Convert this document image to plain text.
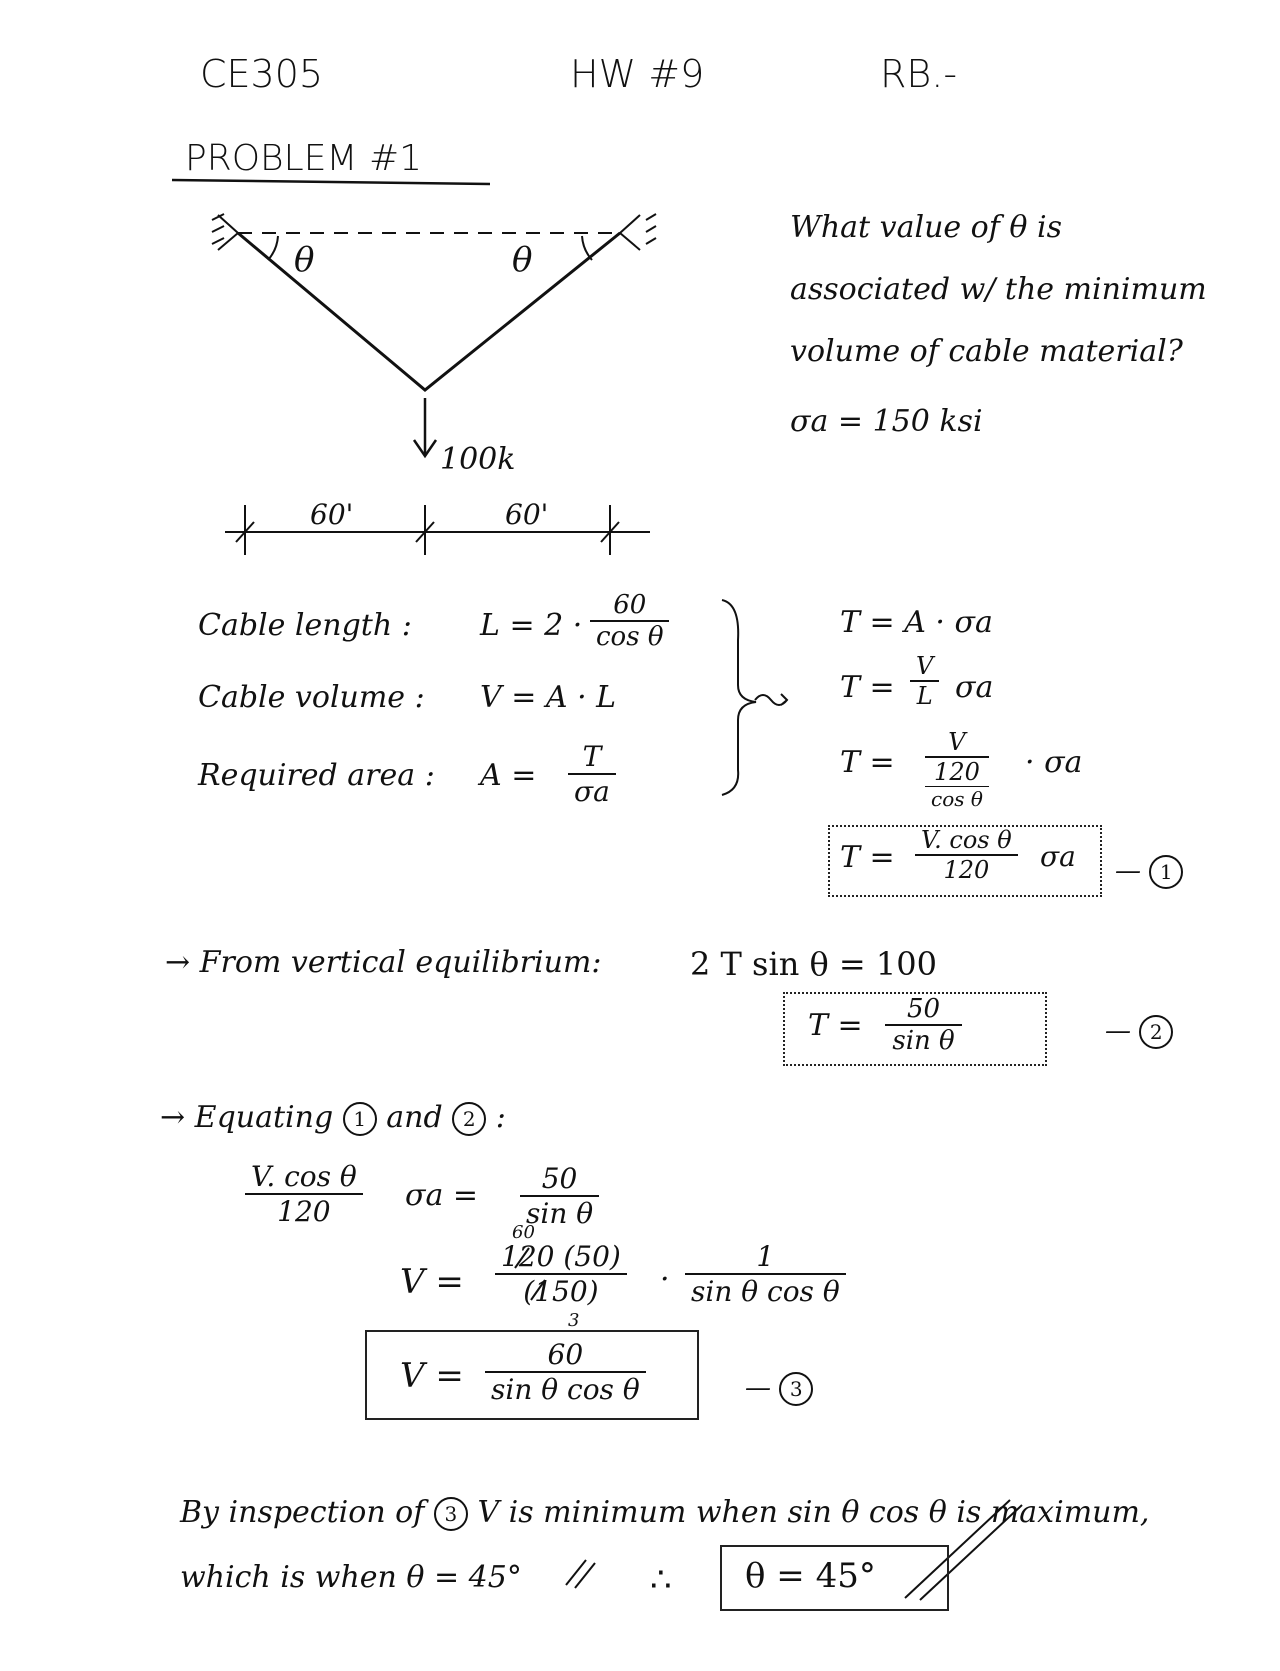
CE305	HW #9	RB.-
PROBLEM #1
θ	θ
100k
60'	60'
What value of θ is
associated w/ the minimum
volume of cable material?
σa = 150 ksi
Cable length : $L = 2 \cdot \frac{60}{\text{cos θ}}$
Cable volume : V = A · L
Required area : $A = \frac{T}{\sigma a}$
T = A · σa
$T = \frac{V}{L}$ σa
T =
V
120
cos θ
· σa
$T = \frac{\text{V. cos θ}}{120}$ σa — 1
→ From vertical equilibrium:	2 T sin θ = 100
$T = \frac{50}{\text{sin θ}}$	— 2
→ Equating 1 and 2 :
$\frac{\text{V. cos θ}}{120}$ $\sigma a = \frac{50}{\text{sin θ}}$
60
$V = \frac{120 (50)}{(150)}$
3
· $\frac{1}{\text{sin θ cos θ}}$
$V = \frac{60}{\text{sin θ cos θ}}$	— 3
By inspection of 3 V is minimum when sin θ cos θ is maximum,
which is when θ = 45°	∴ θ = 45°
